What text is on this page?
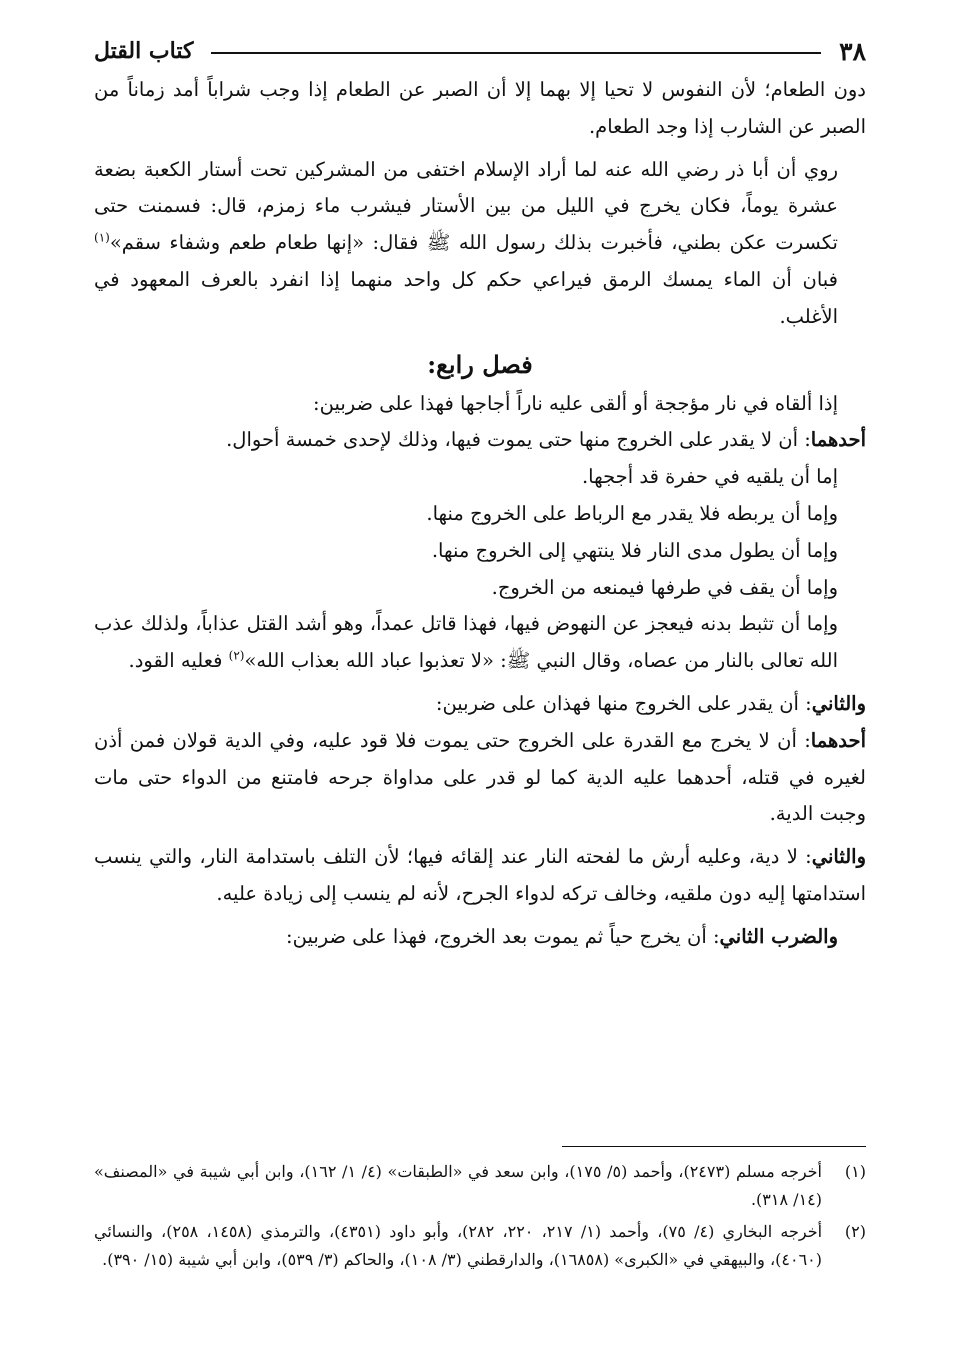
٣٨
كتاب القتل

دون الطعام؛ لأن النفوس لا تحيا إلا بهما إلا أن الصبر عن الطعام إذا وجب شراباً أمد زماناً من الصبر عن الشارب إذا وجد الطعام.

روي أن أبا ذر رضي الله عنه لما أراد الإسلام اختفى من المشركين تحت أستار الكعبة بضعة عشرة يوماً، فكان يخرج في الليل من بين الأستار فيشرب ماء زمزم، قال: فسمنت حتى تكسرت عكن بطني، فأخبرت بذلك رسول الله ﷺ فقال: «إنها طعام طعم وشفاء سقم»$^{(١)}$ فبان أن الماء يمسك الرمق فيراعي حكم كل واحد منهما إذا انفرد بالعرف المعهود في الأغلب.

فصل رابع:

إذا ألقاه في نار مؤججة أو ألقى عليه ناراً أجاجها فهذا على ضربين:

أحدهما: أن لا يقدر على الخروج منها حتى يموت فيها، وذلك لإحدى خمسة أحوال.

إما أن يلقيه في حفرة قد أججها.

وإما أن يربطه فلا يقدر مع الرباط على الخروج منها.

وإما أن يطول مدى النار فلا ينتهي إلى الخروج منها.

وإما أن يقف في طرفها فيمنعه من الخروج.

وإما أن تثبط بدنه فيعجز عن النهوض فيها، فهذا قاتل عمداً، وهو أشد القتل عذاباً، ولذلك عذب الله تعالى بالنار من عصاه، وقال النبي ﷺ: «لا تعذبوا عباد الله بعذاب الله»$^{(٢)}$ فعليه القود.

والثاني: أن يقدر على الخروج منها فهذان على ضربين:

أحدهما: أن لا يخرج مع القدرة على الخروج حتى يموت فلا قود عليه، وفي الدية قولان فمن أذن لغيره في قتله، أحدهما عليه الدية كما لو قدر على مداواة جرحه فامتنع من الدواء حتى مات وجبت الدية.

والثاني: لا دية، وعليه أرش ما لفحته النار عند إلقائه فيها؛ لأن التلف باستدامة النار، والتي ينسب استدامتها إليه دون ملقيه، وخالف تركه لدواء الجرح، لأنه لم ينسب إلى زيادة عليه.

والضرب الثاني: أن يخرج حياً ثم يموت بعد الخروج، فهذا على ضربين:

(١)
أخرجه مسلم (٢٤٧٣)، وأحمد (٥/ ١٧٥)، وابن سعد في «الطبقات» (٤/ ١/ ١٦٢)، وابن أبي شيبة في «المصنف» (١٤/ ٣١٨).
(٢)
أخرجه البخاري (٤/ ٧٥)، وأحمد (١/ ٢١٧، ٢٢٠، ٢٨٢)، وأبو داود (٤٣٥١)، والترمذي (١٤٥٨، ٢٥٨)، والنسائي (٤٠٦٠)، والبيهقي في «الكبرى» (١٦٨٥٨)، والدارقطني (٣/ ١٠٨)، والحاكم (٣/ ٥٣٩)، وابن أبي شيبة (١٥/ ٣٩٠).
